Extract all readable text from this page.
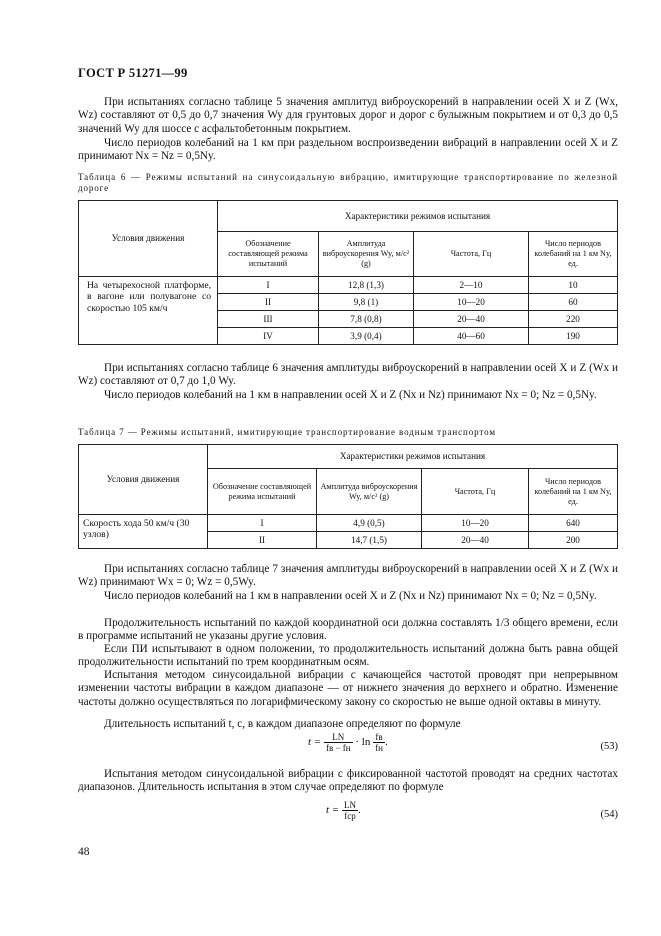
ГОСТ Р 51271—99

При испытаниях согласно таблице 5 значения амплитуд виброускорений в направлении осей X и Z (Wx, Wz) составляют от 0,5 до 0,7 значения Wy для грунтовых дорог и дорог с булыжным покрытием и от 0,3 до 0,5 значений Wy для шоссе с асфальтобетонным покрытием.

Число периодов колебаний на 1 км при раздельном воспроизведении вибраций в направлении осей X и Z принимают Nx = Nz = 0,5Ny.

Таблица 6 — Режимы испытаний на синусоидальную вибрацию, имитирующие транспортирование по железной дороге

Условия движения	Характеристики режимов испытания			
	Обозначение составляющей режима испытаний	Амплитуда виброускорения Wy, м/с² (g)	Частота, Гц	Число периодов колебаний на 1 км Ny, ед.
На четырехосной платформе, в вагоне или полувагоне со скоростью 105 км/ч	I	12,8 (1,3)	2—10	10
	II	9,8 (1)	10—20	60
	III	7,8 (0,8)	20—40	220
	IV	3,9 (0,4)	40—60	190

При испытаниях согласно таблице 6 значения амплитуды виброускорений в направлении осей X и Z (Wx и Wz) составляют от 0,7 до 1,0 Wy.

Число периодов колебаний на 1 км в направлении осей X и Z (Nx и Nz) принимают Nx = 0; Nz = 0,5Ny.

Таблица 7 — Режимы испытаний, имитирующие транспортирование водным транспортом

Условия движения	Характеристики режимов испытания			
	Обозначение составляющей режима испытаний	Амплитуда виброускорения Wy, м/с² (g)	Частота, Гц	Число периодов колебаний на 1 км Ny, ед.
Скорость хода 50 км/ч (30 узлов)	I	4,9 (0,5)	10—20	640
	II	14,7 (1,5)	20—40	200

При испытаниях согласно таблице 7 значения амплитуды виброускорений в направлении осей X и Z (Wx и Wz) принимают Wx = 0; Wz = 0,5Wy.

Число периодов колебаний на 1 км в направлении осей X и Z (Nx и Nz) принимают Nx = 0; Nz = 0,5Ny.

Продолжительность испытаний по каждой координатной оси должна составлять 1/3 общего времени, если в программе испытаний не указаны другие условия.

Если ПИ испытывают в одном положении, то продолжительность испытаний должна быть равна общей продолжительности испытаний по трем координатным осям.

Испытания методом синусоидальной вибрации с качающейся частотой проводят при непрерывном изменении частоты вибрации в каждом диапазоне — от нижнего значения до верхнего и обратно. Изменение частоты должно осуществляться по логарифмическому закону со скоростью не выше одной октавы в минуту.

Длительность испытаний t, с, в каждом диапазоне определяют по формуле

$t = \frac{LN}{fв - fн} \cdot \ln \frac{fв}{fн}$ .	(53)

Испытания методом синусоидальной вибрации с фиксированной частотой проводят на средних частотах диапазонов. Длительность испытания в этом случае определяют по формуле

$t = \frac{LN}{\text{fср}}$ .	(54)
48
